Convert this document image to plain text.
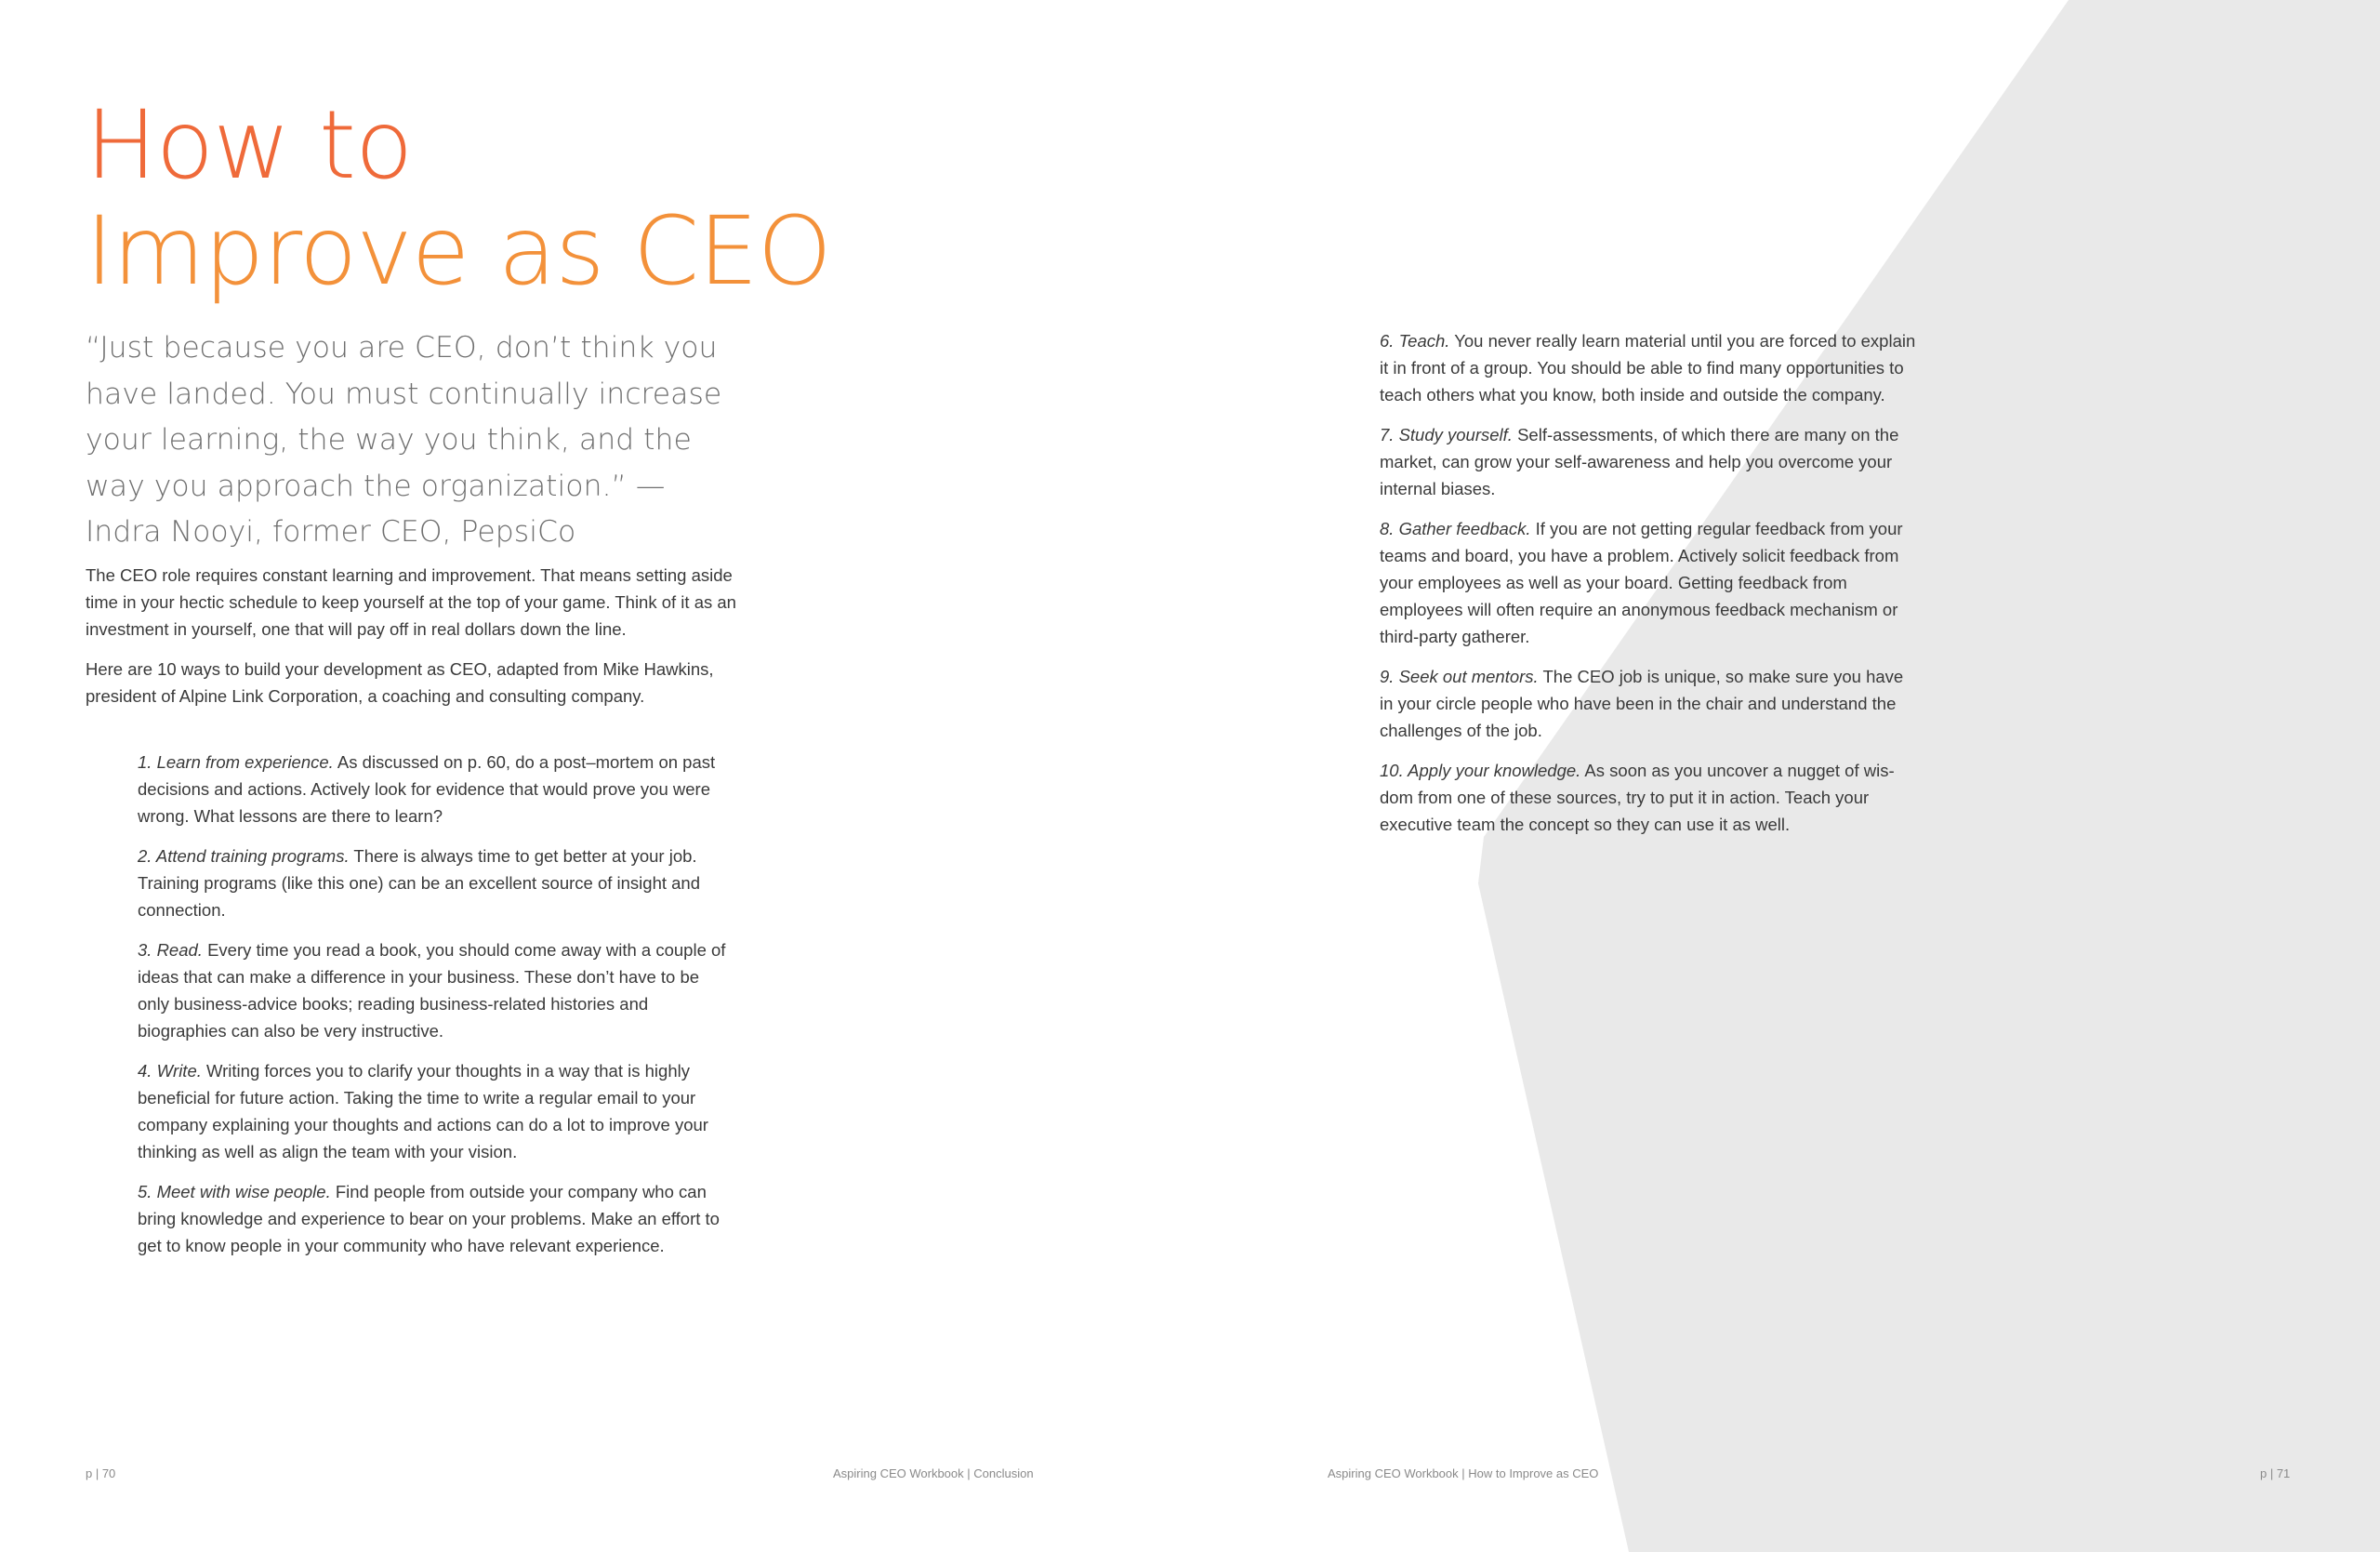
How to
Improve as CEO

“Just because you are CEO, don’t think you have landed. You must continually increase your learning, the way you think, and the way you approach the organization.” —Indra Nooyi, former CEO, PepsiCo

The CEO role requires constant learning and improvement. That means setting aside time in your hectic schedule to keep yourself at the top of your game. Think of it as an investment in yourself, one that will pay off in real dollars down the line.

Here are 10 ways to build your development as CEO, adapted from Mike Hawkins, president of Alpine Link Corporation, a coaching and consulting company.

1. Learn from experience. As discussed on p. 60, do a post–mortem on past decisions and actions. Actively look for evidence that would prove you were wrong. What lessons are there to learn?

2. Attend training programs. There is always time to get better at your job. Training programs (like this one) can be an excellent source of insight and connection.

3. Read. Every time you read a book, you should come away with a couple of ideas that can make a difference in your business. These don’t have to be only business-advice books; reading business-related histories and biographies can also be very instructive.

4. Write. Writing forces you to clarify your thoughts in a way that is highly beneficial for future action. Taking the time to write a regular email to your company explaining your thoughts and actions can do a lot to improve your thinking as well as align the team with your vision.

5. Meet with wise people. Find people from outside your company who can bring knowledge and experience to bear on your problems. Make an effort to get to know people in your community who have relevant experience.

p | 70	Aspiring CEO Workbook | Conclusion	Aspiring CEO Workbook | How to Improve as CEO	p | 71

6. Teach. You never really learn material until you are forced to explain it in front of a group. You should be able to find many opportunities to teach others what you know, both inside and outside the company.

7. Study yourself. Self-assessments, of which there are many on the market, can grow your self-awareness and help you overcome your internal biases.

8. Gather feedback. If you are not getting regular feedback from your teams and board, you have a problem. Actively solicit feedback from your employees as well as your board. Getting feedback from employees will often require an anonymous feedback mechanism or third-party gatherer.

9. Seek out mentors. The CEO job is unique, so make sure you have in your circle people who have been in the chair and understand the challenges of the job.

10. Apply your knowledge. As soon as you uncover a nugget of wisdom from one of these sources, try to put it in action. Teach your executive team the concept so they can use it as well.
